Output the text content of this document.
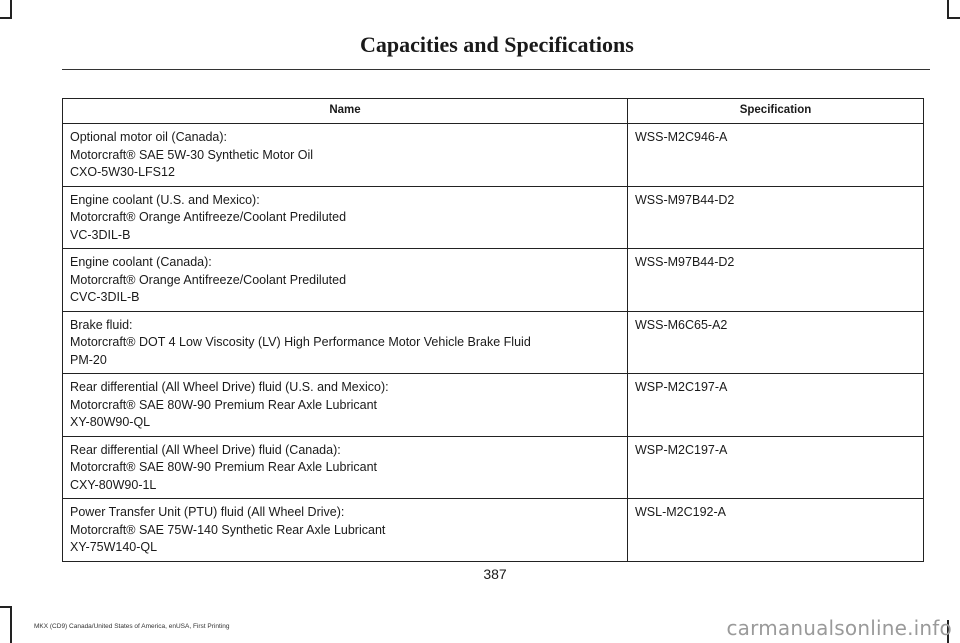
Capacities and Specifications
Name	Specification

Optional motor oil (Canada):
Motorcraft® SAE 5W-30 Synthetic Motor Oil
CXO-5W30-LFS12	WSS-M2C946-A

Engine coolant (U.S. and Mexico):
Motorcraft® Orange Antifreeze/Coolant Prediluted
VC-3DIL-B	WSS-M97B44-D2

Engine coolant (Canada):
Motorcraft® Orange Antifreeze/Coolant Prediluted
CVC-3DIL-B	WSS-M97B44-D2

Brake fluid:
Motorcraft® DOT 4 Low Viscosity (LV) High Performance Motor Vehicle Brake Fluid
PM-20	WSS-M6C65-A2

Rear differential (All Wheel Drive) fluid (U.S. and Mexico):
Motorcraft® SAE 80W-90 Premium Rear Axle Lubricant
XY-80W90-QL	WSP-M2C197-A

Rear differential (All Wheel Drive) fluid (Canada):
Motorcraft® SAE 80W-90 Premium Rear Axle Lubricant
CXY-80W90-1L	WSP-M2C197-A

Power Transfer Unit (PTU) fluid (All Wheel Drive):
Motorcraft® SAE 75W-140 Synthetic Rear Axle Lubricant
XY-75W140-QL	WSL-M2C192-A
387
MKX (CD9) Canada/United States of America, enUSA, First Printing	carmanualsonline.info
